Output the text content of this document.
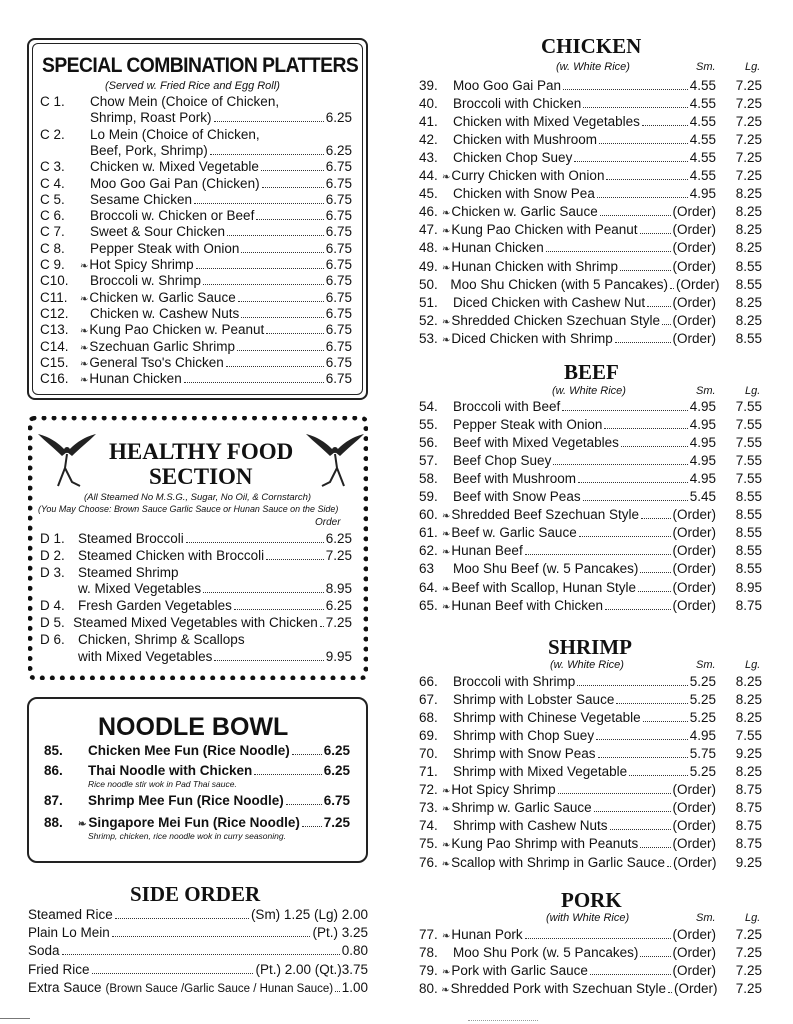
SPECIAL COMBINATION PLATTERS
(Served w. Fried Rice and Egg Roll)
C 1.	Chow Mein (Choice of Chicken,
Shrimp, Roast Pork)	6.25
C 2.	Lo Mein (Choice of Chicken,
Beef, Pork, Shrimp)	6.25
C 3.	Chicken w. Mixed Vegetable	6.75
C 4.	Moo Goo Gai Pan (Chicken)	6.75
C 5.	Sesame Chicken	6.75
C 6.	Broccoli w. Chicken or Beef	6.75
C 7.	Sweet & Sour Chicken	6.75
C 8.	Pepper Steak with Onion	6.75
C 9.	❧ Hot Spicy Shrimp	6.75
C10.	Broccoli w. Shrimp	6.75
C11.	❧ Chicken w. Garlic Sauce	6.75
C12.	Chicken w. Cashew Nuts	6.75
C13.	❧ Kung Pao Chicken w. Peanut	6.75
C14.	❧ Szechuan Garlic Shrimp	6.75
C15.	❧ General Tso's Chicken	6.75
C16.	❧ Hunan Chicken	6.75
HEALTHY FOOD
SECTION
(All Steamed No M.S.G., Sugar, No Oil, & Cornstarch)
(You May Choose: Brown Sauce Garlic Sauce or Hunan Sauce on the Side)
Order
D 1. Steamed Broccoli	6.25
D 2. Steamed Chicken with Broccoli	7.25
D 3. Steamed Shrimp
w. Mixed Vegetables	8.95
D 4. Fresh Garden Vegetables	6.25
D 5. Steamed Mixed Vegetables with Chicken 7.25
D 6. Chicken, Shrimp & Scallops
with Mixed Vegetables	9.95
NOODLE BOWL
85.	Chicken Mee Fun (Rice Noodle)	6.25
86.	Thai Noodle with Chicken	6.25
Rice noodle stir wok in Pad Thai sauce.
87.	Shrimp Mee Fun (Rice Noodle)	6.75
88.	❧ Singapore Mei Fun (Rice Noodle) 7.25
Shrimp, chicken, rice noodle wok in curry seasoning.
SIDE ORDER
Steamed Rice	(Sm) 1.25 (Lg) 2.00
Plain Lo Mein	(Pt.) 3.25
Soda	0.80
Fried Rice	(Pt.) 2.00 (Qt.)3.75
Extra Sauce (Brown Sauce /Garlic Sauce / Hunan Sauce) 1.00
CHICKEN
(w. White Rice)	Sm.	Lg.
39.	Moo Goo Gai Pan	4.55	7.25
40.	Broccoli with Chicken	4.55	7.25
41.	Chicken with Mixed Vegetables	4.55	7.25
42.	Chicken with Mushroom	4.55	7.25
43.	Chicken Chop Suey	4.55	7.25
44. ❧ Curry Chicken with Onion	4.55	7.25
45.	Chicken with Snow Pea	4.95	8.25
46. ❧ Chicken w. Garlic Sauce	(Order)	8.25
47. ❧ Kung Pao Chicken with Peanut	(Order)	8.25
48. ❧ Hunan Chicken	(Order)	8.25
49. ❧ Hunan Chicken with Shrimp	(Order)	8.55
50. Moo Shu Chicken (with 5 Pancakes) (Order)	8.55
51.	Diced Chicken with Cashew Nut (Order)	8.25
52. ❧ Shredded Chicken Szechuan Style (Order)	8.25
53. ❧ Diced Chicken with Shrimp	(Order)	8.55
BEEF
(w. White Rice)	Sm.	Lg.
54.	Broccoli with Beef	4.95	7.55
55.	Pepper Steak with Onion	4.95	7.55
56.	Beef with Mixed Vegetables	4.95	7.55
57.	Beef Chop Suey	4.95	7.55
58.	Beef with Mushroom	4.95	7.55
59.	Beef with Snow Peas	5.45	8.55
60. ❧ Shredded Beef Szechuan Style (Order)	8.55
61. ❧ Beef w. Garlic Sauce	(Order)	8.55
62. ❧ Hunan Beef	(Order)	8.55
63	Moo Shu Beef (w. 5 Pancakes)	(Order)	8.55
64. ❧ Beef with Scallop, Hunan Style	(Order)	8.95
65. ❧ Hunan Beef with Chicken	(Order)	8.75
SHRIMP
(w. White Rice)	Sm.	Lg.
66.	Broccoli with Shrimp	5.25	8.25
67.	Shrimp with Lobster Sauce	5.25	8.25
68.	Shrimp with Chinese Vegetable	5.25	8.25
69.	Shrimp with Chop Suey	4.95	7.55
70.	Shrimp with Snow Peas	5.75	9.25
71.	Shrimp with Mixed Vegetable	5.25	8.25
72. ❧ Hot Spicy Shrimp	(Order)	8.75
73. ❧ Shrimp w. Garlic Sauce	(Order)	8.75
74.	Shrimp with Cashew Nuts	(Order)	8.75
75. ❧ Kung Pao Shrimp with Peanuts	(Order)	8.75
76. ❧ Scallop with Shrimp in Garlic Sauce (Order)	9.25
PORK
(with White Rice)	Sm.	Lg.
77. ❧ Hunan Pork	(Order)	7.25
78.	Moo Shu Pork (w. 5 Pancakes)	(Order)	7.25
79. ❧ Pork with Garlic Sauce	(Order)	7.25
80. ❧ Shredded Pork with Szechuan Style (Order)	7.25
